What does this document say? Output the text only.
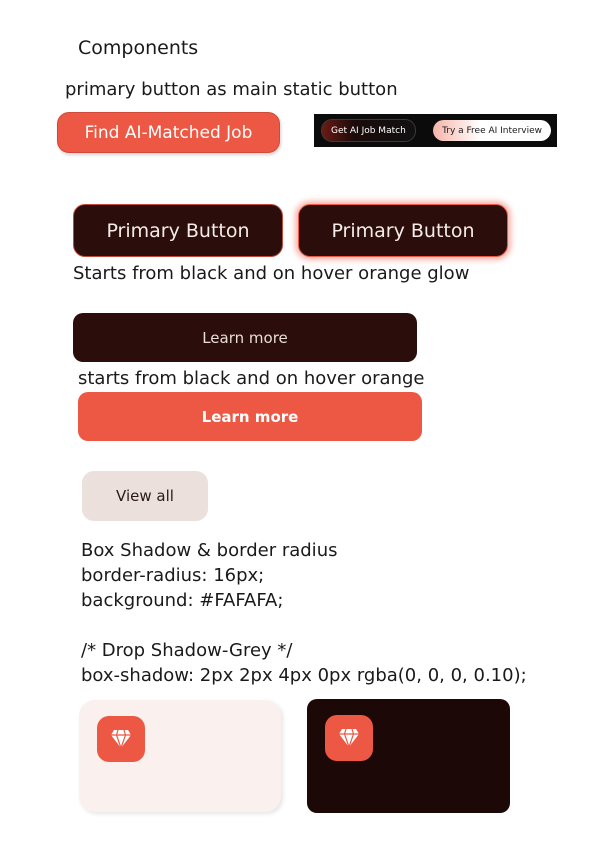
Components
primary button as main static button
Find AI-Matched Job	Get AI Job Match	Try a Free AI Interview
Primary Button	Primary Button
Starts from black and on hover orange glow
Learn more
starts from black and on hover orange
Learn more
View all
Box Shadow & border radius
border-radius: 16px;
background: #FAFAFA;

/* Drop Shadow-Grey */
box-shadow: 2px 2px 4px 0px rgba(0, 0, 0, 0.10);
